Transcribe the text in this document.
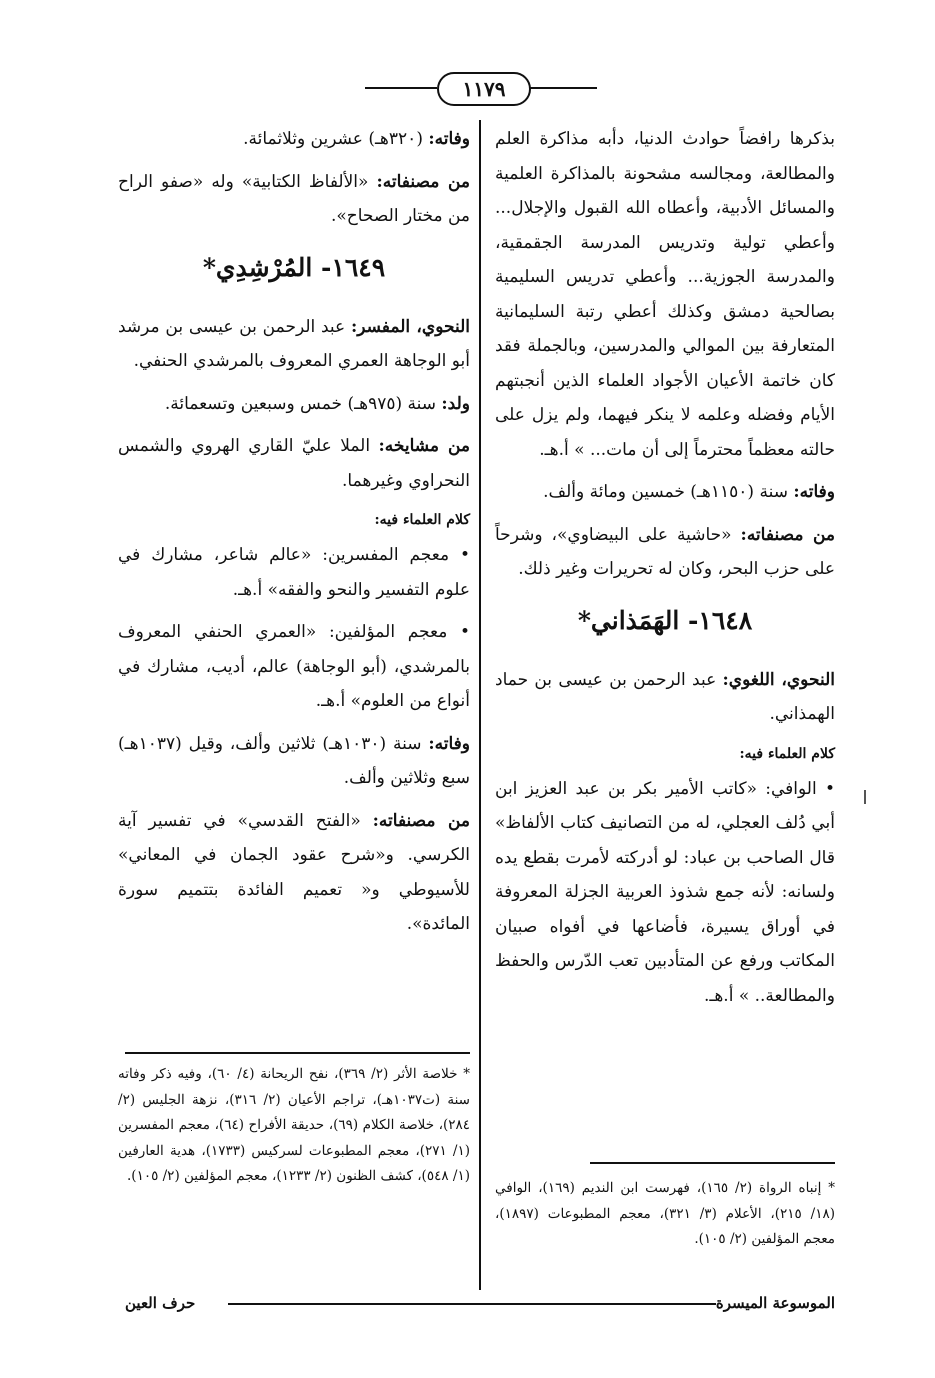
١١٧٩

بذكرها رافضاً حوادث الدنيا، دأبه مذاكرة العلم والمطالعة، ومجالسه مشحونة بالمذاكرة العلمية والمسائل الأدبية، وأعطاه الله القبول والإجلال... وأعطي تولية وتدريس المدرسة الجقمقية، والمدرسة الجوزية... وأعطي تدريس السليمية بصالحية دمشق وكذلك أعطي رتبة السليمانية المتعارفة بين الموالي والمدرسين، وبالجملة فقد كان خاتمة الأعيان الأجواد العلماء الذين أنجبتهم الأيام وفضله وعلمه لا ينكر فيهما، ولم يزل على حالته معظماً محترماً إلى أن مات... » أ.هـ.

وفاته: سنة (١١٥٠هـ) خمسين ومائة وألف.

من مصنفاته: «حاشية على البيضاوي»، وشرحاً على حزب البحر، وكان له تحريرات وغير ذلك.

١٦٤٨- الهَمَذاني*

النحوي، اللغوي: عبد الرحمن بن عيسى بن حماد الهمذاني.

كلام العلماء فيه:

• الوافي: «كاتب الأمير بكر بن عبد العزيز ابن أبي دُلف العجلي، له من التصانيف كتاب الألفاظ» قال الصاحب بن عباد: لو أدركته لأمرت بقطع يده ولسانه: لأنه جمع شذوذ العربية الجزلة المعروفة في أوراق يسيرة، فأضاعها في أفواه صبيان المكاتب ورفع عن المتأدبين تعب الدّرس والحفظ والمطالعة.. » أ.هـ.

* إنباه الرواة (٢/ ١٦٥)، فهرست ابن النديم (١٦٩)، الوافي (١٨/ ٢١٥)، الأعلام (٣/ ٣٢١)، معجم المطبوعات (١٨٩٧)، معجم المؤلفين (٢/ ١٠٥).

وفاته: (٣٢٠هـ) عشرين وثلاثمائة.

من مصنفاته: «الألفاظ الكتابية» وله «صفو الراح من مختار الصحاح».

١٦٤٩- المُرْشِدِي*

النحوي، المفسر: عبد الرحمن بن عيسى بن مرشد أبو الوجاهة العمري المعروف بالمرشدي الحنفي.

ولد: سنة (٩٧٥هـ) خمس وسبعين وتسعمائة.

من مشايخه: الملا عليّ القاري الهروي والشمس النحراوي وغيرهما.

كلام العلماء فيه:

• معجم المفسرين: «عالم شاعر، مشارك في علوم التفسير والنحو والفقه» أ.هـ.

• معجم المؤلفين: «العمري الحنفي المعروف بالمرشدي، (أبو الوجاهة) عالم، أديب، مشارك في أنواع من العلوم» أ.هـ.

وفاته: سنة (١٠٣٠هـ) ثلاثين وألف، وقيل (١٠٣٧هـ) سبع وثلاثين وألف.

من مصنفاته: «الفتح القدسي» في تفسير آية الكرسي. و«شرح عقود الجمان في المعاني» للأسيوطي و« تعميم الفائدة بتتميم سورة المائدة».

* خلاصة الأثر (٢/ ٣٦٩)، نفح الريحانة (٤/ ٦٠)، وفيه ذكر وفاته سنة (ت١٠٣٧هـ)، تراجم الأعيان (٢/ ٣١٦)، نزهة الجليس (٢/ ٢٨٤)، خلاصة الكلام (٦٩)، حديقة الأفراح (٦٤)، معجم المفسرين (١/ ٢٧١)، معجم المطبوعات لسركيس (١٧٣٣)، هدية العارفين (١/ ٥٤٨)، كشف الظنون (٢/ ١٢٣٣)، معجم المؤلفين (٢/ ١٠٥).
الموسوعة الميسرة
حرف العين
